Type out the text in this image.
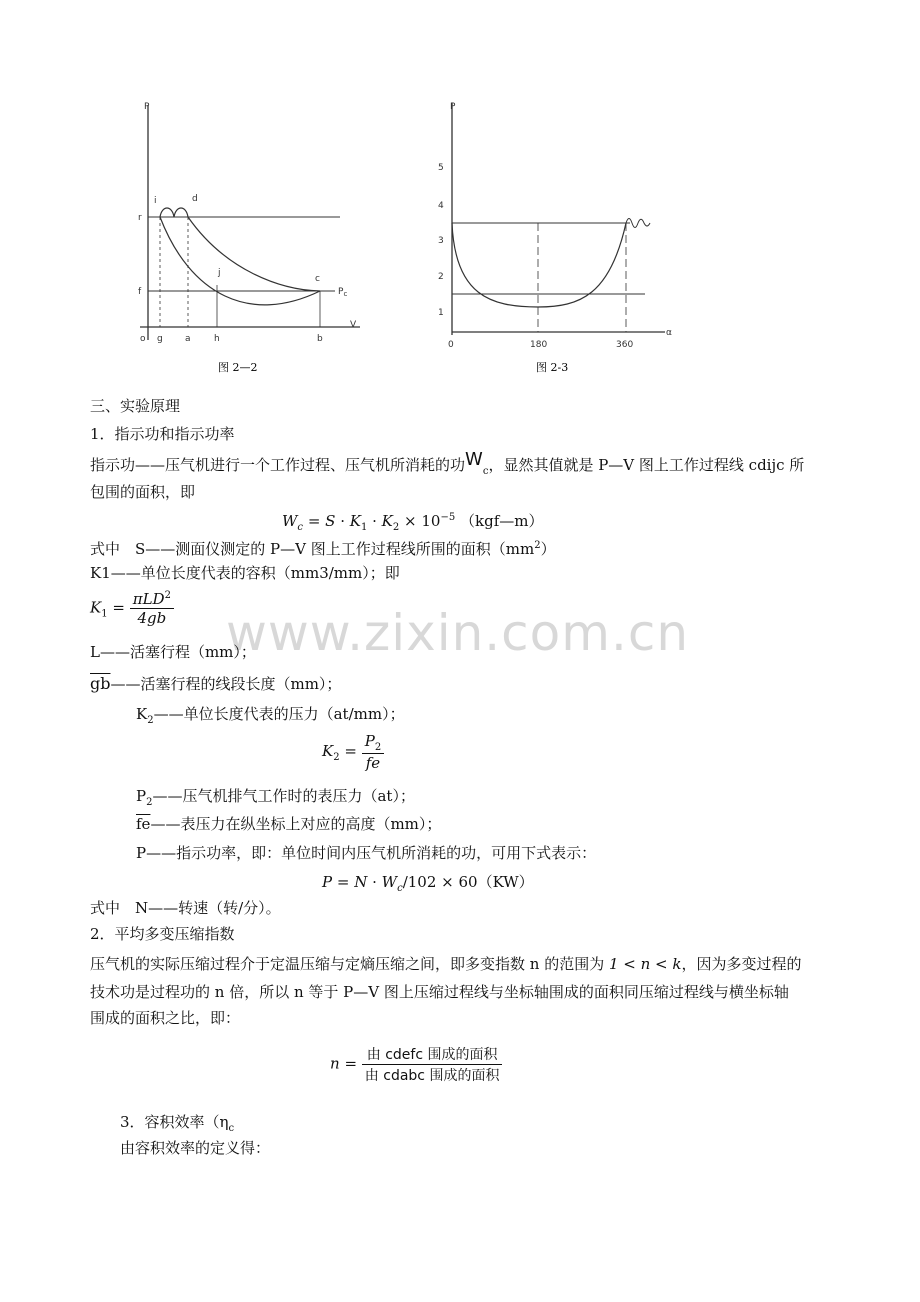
P
V
i	d
r
j
c
f	$P_c$
o g a	h	b
图 2—2
P
5
4
3
2
1
0	180	360
α
图 2-3
www.zixin.com.cn
三、实验原理
1．指示功和指示功率
指示功——压气机进行一个工作过程、压气机所消耗的功$W_c$，显然其值就是 P—V 图上工作过程线 cdijc 所
包围的面积，即
$W_c = S \cdot K_1 \cdot K_2 \times 10^{-5}$ （kgf—m）
式中　S——测面仪测定的 P—V 图上工作过程线所围的面积$(mm^2)$
K1——单位长度代表的容积（mm3/mm）；即
$K_1 = \frac{\pi LD^2}{4gb}$
L——活塞行程（mm）；
$\overline{gb}——$活塞行程的线段长度（mm）；
$K_2——$单位长度代表的压力（at/mm）；
$K_2 = \frac{P_2}{fe}$
$P_2——$压气机排气工作时的表压力（at）；
$\overline{fe}——$表压力在纵坐标上对应的高度（mm）；
P——指示功率，即：单位时间内压气机所消耗的功，可用下式表示：
$P = N \cdot W_c/102 \times 60(KW)$
式中　N——转速（转/分）。
2．平均多变压缩指数
压气机的实际压缩过程介于定温压缩与定熵压缩之间，即多变指数 n 的范围为 1 < n < k，因为多变过程的
技术功是过程功的 n 倍，所以 n 等于 P—V 图上压缩过程线与坐标轴围成的面积同压缩过程线与横坐标轴
围成的面积之比，即：
$n = \frac{\text{由 cdefc 围成的面积}}{\text{由 cdabc 围成的面积}}$
3．容积效率（$\eta_c$
由容积效率的定义得：
